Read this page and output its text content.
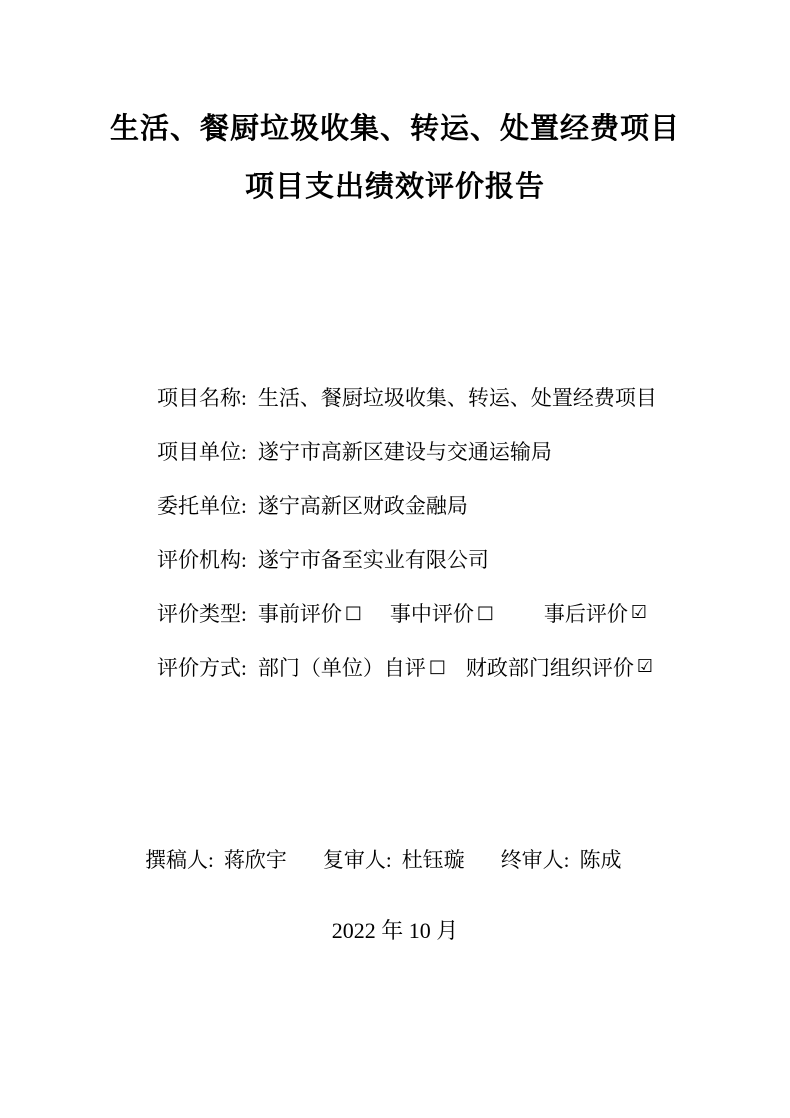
生活、餐厨垃圾收集、转运、处置经费项目
项目支出绩效评价报告
项目名称: 生活、餐厨垃圾收集、转运、处置经费项目
项目单位: 遂宁市高新区建设与交通运输局
委托单位: 遂宁高新区财政金融局
评价机构: 遂宁市备至实业有限公司
评价类型: 事前评价 □ 事中评价 □ 事后评价 ☑
评价方式: 部门（单位）自评 □ 财政部门组织评价 ☑
撰稿人: 蒋欣宇 复审人: 杜钰璇 终审人: 陈成
2022 年 10 月
